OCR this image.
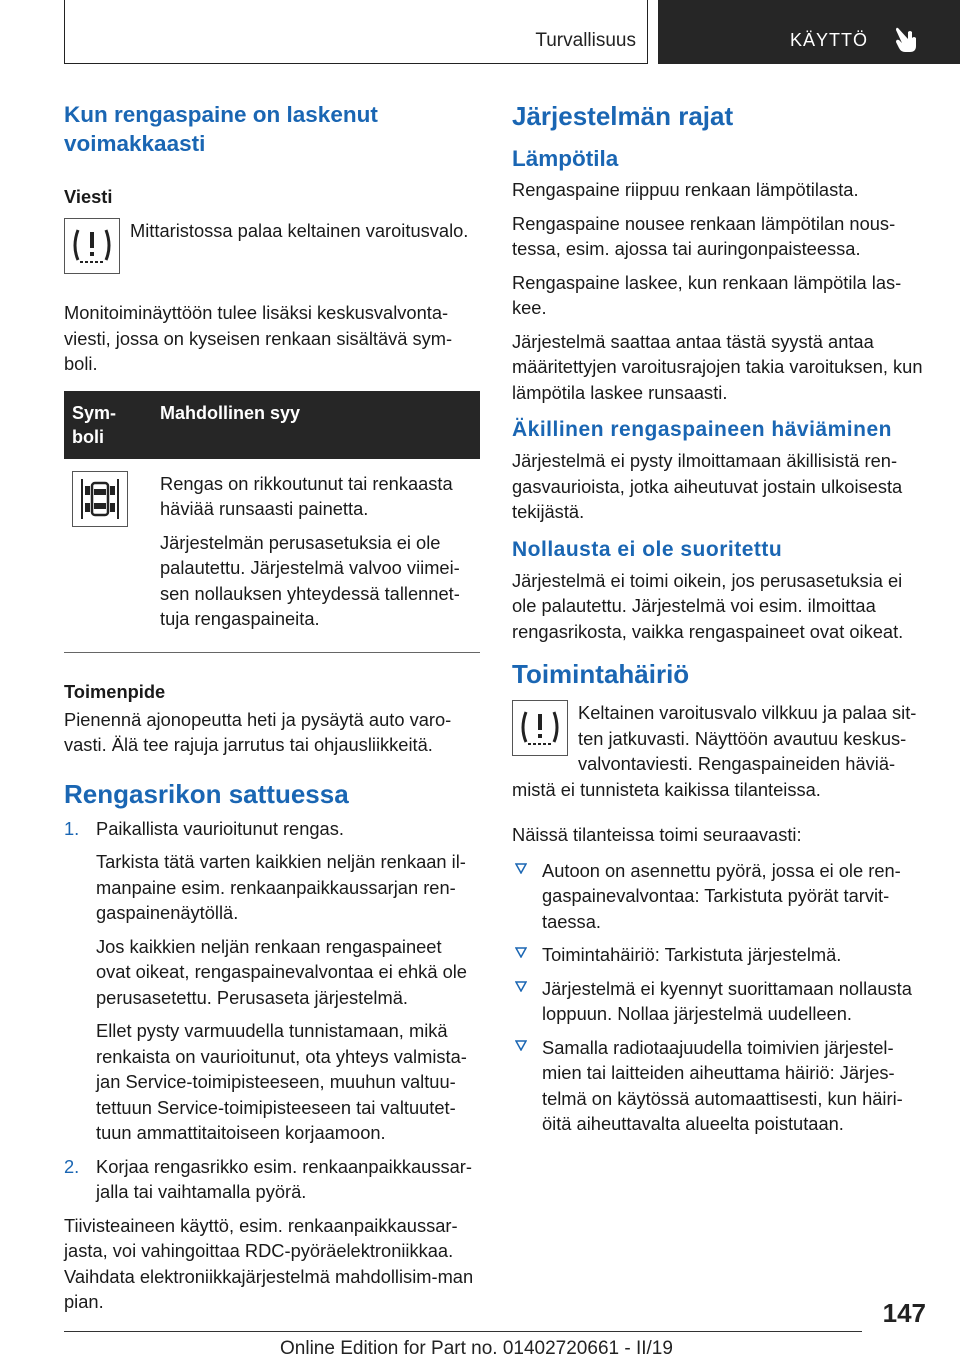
Turvallisuus	KÄYTTÖ
Kun rengaspaine on laskenut voimakkaasti
Viesti

Mittaristossa palaa keltainen varoitusvalo.

Monitoiminäyttöön tulee lisäksi keskusvalvonta-viesti, jossa on kyseisen renkaan sisältävä sym-boli.

Sym-boli	Mahdollinen syy

Rengas on rikkoutunut tai renkaasta häviää runsaasti painetta.

Järjestelmän perusasetuksia ei ole palautettu. Järjestelmä valvoo viimei-sen nollauksen yhteydessä tallennet-tuja rengaspaineita.

Toimenpide

Pienennä ajonopeutta heti ja pysäytä auto varo-vasti. Älä tee rajuja jarrutus tai ohjausliikkeitä.

Rengasrikon sattuessa
1. Paikallista vaurioitunut rengas.

Tarkista tätä varten kaikkien neljän renkaan il-manpaine esim. renkaanpaikkaussarjan ren-gaspainenäytöllä.

Jos kaikkien neljän renkaan rengaspaineet ovat oikeat, rengaspainevalvontaa ei ehkä ole perusasetettu. Perusaseta järjestelmä.

Ellet pysty varmuudella tunnistamaan, mikä renkaista on vaurioitunut, ota yhteys valmista-jan Service-toimipisteeseen, muuhun valtuu-tettuun Service-toimipisteeseen tai valtuutet-tuun ammattitaitoiseen korjaamoon.

2. Korjaa rengasrikko esim. renkaanpaikkaussar-jalla tai vaihtamalla pyörä.

Tiivisteaineen käyttö, esim. renkaanpaikkaussar-jasta, voi vahingoittaa RDC-pyöräelektroniikkaa. Vaihdata elektroniikkajärjestelmä mahdollisim-man pian.

Järjestelmän rajat
Lämpötila

Rengaspaine riippuu renkaan lämpötilasta.

Rengaspaine nousee renkaan lämpötilan nous-tessa, esim. ajossa tai auringonpaisteessa.

Rengaspaine laskee, kun renkaan lämpötila las-kee.

Järjestelmä saattaa antaa tästä syystä antaa määritettyjen varoitusrajojen takia varoituksen, kun lämpötila laskee runsaasti.

Äkillinen rengaspaineen häviäminen

Järjestelmä ei pysty ilmoittamaan äkillisistä ren-gasvaurioista, jotka aiheutuvat jostain ulkoisesta tekijästä.

Nollausta ei ole suoritettu

Järjestelmä ei toimi oikein, jos perusasetuksia ei ole palautettu. Järjestelmä voi esim. ilmoittaa rengasrikosta, vaikka rengaspaineet ovat oikeat.

Toimintahäiriö

Keltainen varoitusvalo vilkkuu ja palaa sit-ten jatkuvasti. Näyttöön avautuu keskus-valvontaviesti. Rengaspaineiden häviä-

mistä ei tunnisteta kaikissa tilanteissa.

Näissä tilanteissa toimi seuraavasti:

Autoon on asennettu pyörä, jossa ei ole ren-gaspainevalvontaa: Tarkistuta pyörät tarvit-taessa.

Toimintahäiriö: Tarkistuta järjestelmä.

Järjestelmä ei kyennyt suorittamaan nollausta loppuun. Nollaa järjestelmä uudelleen.

Samalla radiotaajuudella toimivien järjestel-mien tai laitteiden aiheuttama häiriö: Järjes-telmä on käytössä automaattisesti, kun häiri-öitä aiheuttavalta alueelta poistutaan.

147
Online Edition for Part no. 01402720661 - II/19
